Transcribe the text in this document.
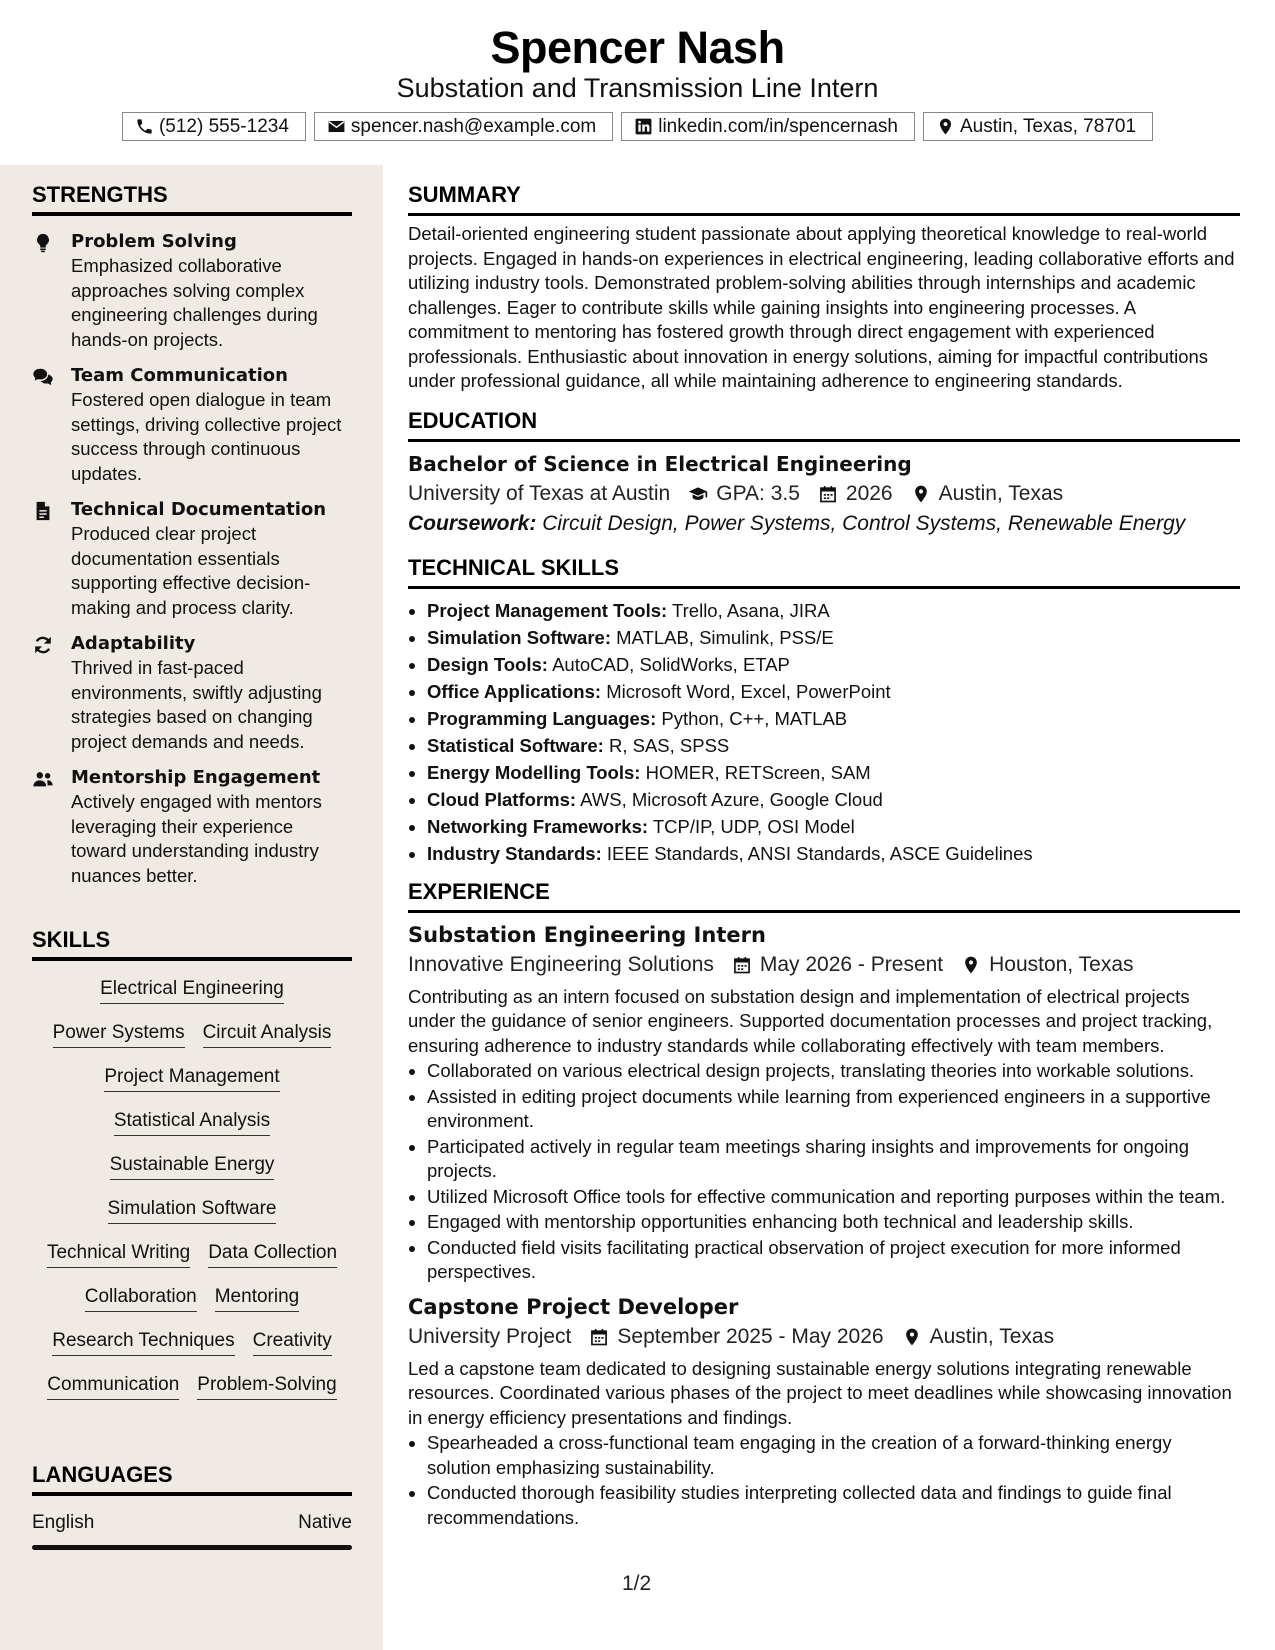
Spencer Nash
Substation and Transmission Line Intern
(512) 555-1234	spencer.nash@example.com	linkedin.com/in/spencernash	Austin, Texas, 78701
STRENGTHS
Problem Solving
Emphasized collaborative approaches solving complex engineering challenges during hands-on projects.
Team Communication
Fostered open dialogue in team settings, driving collective project success through continuous updates.
Technical Documentation
Produced clear project documentation essentials supporting effective decision-making and process clarity.
Adaptability
Thrived in fast-paced environments, swiftly adjusting strategies based on changing project demands and needs.
Mentorship Engagement
Actively engaged with mentors leveraging their experience toward understanding industry nuances better.
SKILLS
Electrical Engineering
Power Systems Circuit Analysis
Project Management
Statistical Analysis
Sustainable Energy
Simulation Software
Technical Writing Data Collection
Collaboration Mentoring
Research Techniques Creativity
Communication Problem-Solving
LANGUAGES
English	Native
SUMMARY
Detail-oriented engineering student passionate about applying theoretical knowledge to real-world projects. Engaged in hands-on experiences in electrical engineering, leading collaborative efforts and utilizing industry tools. Demonstrated problem-solving abilities through internships and academic challenges. Eager to contribute skills while gaining insights into engineering processes. A commitment to mentoring has fostered growth through direct engagement with experienced professionals. Enthusiastic about innovation in energy solutions, aiming for impactful contributions under professional guidance, all while maintaining adherence to engineering standards.
EDUCATION
Bachelor of Science in Electrical Engineering
University of Texas at Austin GPA: 3.5 2026 Austin, Texas
Coursework: Circuit Design, Power Systems, Control Systems, Renewable Energy
TECHNICAL SKILLS
• Project Management Tools: Trello, Asana, JIRA
• Simulation Software: MATLAB, Simulink, PSS/E
• Design Tools: AutoCAD, SolidWorks, ETAP
• Office Applications: Microsoft Word, Excel, PowerPoint
• Programming Languages: Python, C++, MATLAB
• Statistical Software: R, SAS, SPSS
• Energy Modelling Tools: HOMER, RETScreen, SAM
• Cloud Platforms: AWS, Microsoft Azure, Google Cloud
• Networking Frameworks: TCP/IP, UDP, OSI Model
• Industry Standards: IEEE Standards, ANSI Standards, ASCE Guidelines
EXPERIENCE
Substation Engineering Intern
Innovative Engineering Solutions May 2026 - Present Houston, Texas
Contributing as an intern focused on substation design and implementation of electrical projects under the guidance of senior engineers. Supported documentation processes and project tracking, ensuring adherence to industry standards while collaborating effectively with team members.
• Collaborated on various electrical design projects, translating theories into workable solutions.
• Assisted in editing project documents while learning from experienced engineers in a supportive environment.
• Participated actively in regular team meetings sharing insights and improvements for ongoing projects.
• Utilized Microsoft Office tools for effective communication and reporting purposes within the team.
• Engaged with mentorship opportunities enhancing both technical and leadership skills.
• Conducted field visits facilitating practical observation of project execution for more informed perspectives.
Capstone Project Developer
University Project September 2025 - May 2026 Austin, Texas
Led a capstone team dedicated to designing sustainable energy solutions integrating renewable resources. Coordinated various phases of the project to meet deadlines while showcasing innovation in energy efficiency presentations and findings.
• Spearheaded a cross-functional team engaging in the creation of a forward-thinking energy solution emphasizing sustainability.
• Conducted thorough feasibility studies interpreting collected data and findings to guide final recommendations.
1/2
